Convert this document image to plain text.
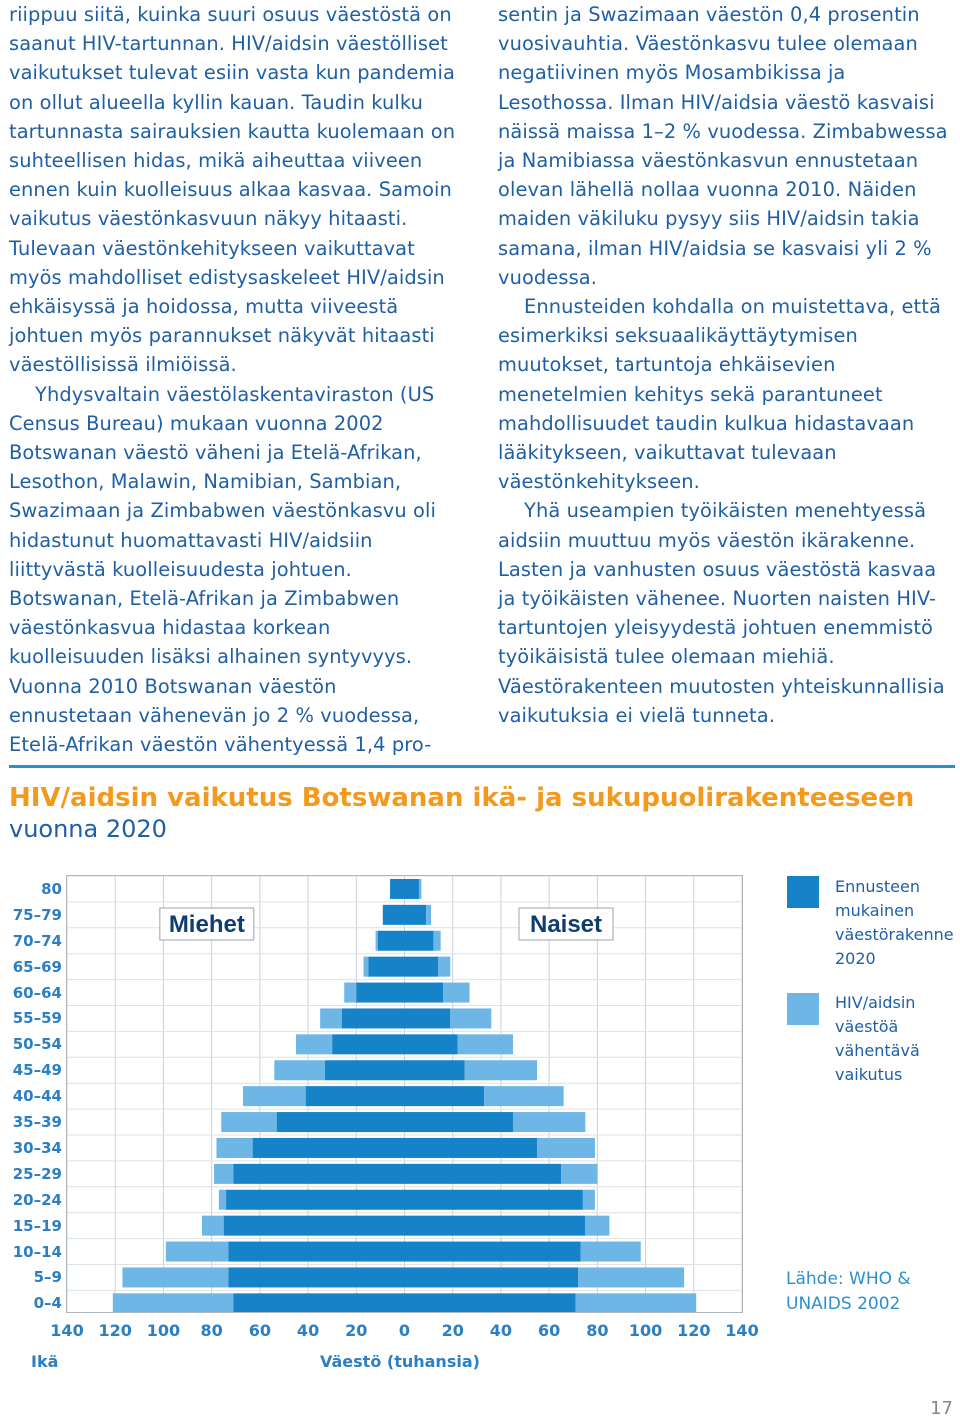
riippuu siitä, kuinka suuri osuus väestöstä on saanut HIV-tartunnan. HIV/aidsin väestölliset vaikutukset tulevat esiin vasta kun pandemia on ollut alueella kyllin kauan. Taudin kulku tartunnasta sairauksien kautta kuolemaan on suhteellisen hidas, mikä aiheuttaa viiveen ennen kuin kuolleisuus alkaa kasvaa. Samoin vaikutus väestönkasvuun näkyy hitaasti. Tulevaan väestönkehitykseen vaikuttavat myös mahdolliset edistysaskeleet HIV/aidsin ehkäisyssä ja hoidossa, mutta viiveestä johtuen myös parannukset näkyvät hitaasti väestöllisissä ilmiöissä.

Yhdysvaltain väestölaskentaviraston (US Census Bureau) mukaan vuonna 2002 Botswanan väestö väheni ja Etelä-Afrikan, Lesothon, Malawin, Namibian, Sambian, Swazimaan ja Zimbabwen väestönkasvu oli hidastunut huomattavasti HIV/aidsiin liittyvästä kuolleisuudesta johtuen. Botswanan, Etelä-Afrikan ja Zimbabwen väestönkasvua hidastaa korkean kuolleisuuden lisäksi alhainen syntyvyys. Vuonna 2010 Botswanan väestön ennustetaan vähenevän jo 2 % vuodessa, Etelä-Afrikan väestön vähentyessä 1,4 pro-

sentin ja Swazimaan väestön 0,4 prosentin vuosivauhtia. Väestönkasvu tulee olemaan negatiivinen myös Mosambikissa ja Lesothossa. Ilman HIV/aidsia väestö kasvaisi näissä maissa 1–2 % vuodessa. Zimbabwessa ja Namibiassa väestönkasvun ennustetaan olevan lähellä nollaa vuonna 2010. Näiden maiden väkiluku pysyy siis HIV/aidsin takia samana, ilman HIV/aidsia se kasvaisi yli 2 % vuodessa.

Ennusteiden kohdalla on muistettava, että esimerkiksi seksuaalikäyttäytymisen muutokset, tartuntoja ehkäisevien menetelmien kehitys sekä parantuneet mahdollisuudet taudin kulkua hidastavaan lääkitykseen, vaikuttavat tulevaan väestönkehitykseen.

Yhä useampien työikäisten menehtyessä aidsiin muuttuu myös väestön ikärakenne. Lasten ja vanhusten osuus väestöstä kasvaa ja työikäisten vähenee. Nuorten naisten HIV-tartuntojen yleisyydestä johtuen enemmistö työikäisistä tulee olemaan miehiä. Väestörakenteen muutosten yhteiskunnallisia vaikutuksia ei vielä tunneta.

HIV/aidsin vaikutus Botswanan ikä- ja sukupuolirakenteeseen
vuonna 2020
0–4
5–9
10–14
15–19
20–24
25–29
30–34
35–39
40–44
45–49
50–54
55–59
60–64
65–69
70–74
75–79
80
Miehet	Naiset
140 120 100 80 60 40 20 0 20 40 60 80 100 120 140
Ikä	Väestö (tuhansia)
Ennusteen mukainen väestörakenne 2020
HIV/aidsin väestöä vähentävä vaikutus
Lähde: WHO & UNAIDS 2002
17
